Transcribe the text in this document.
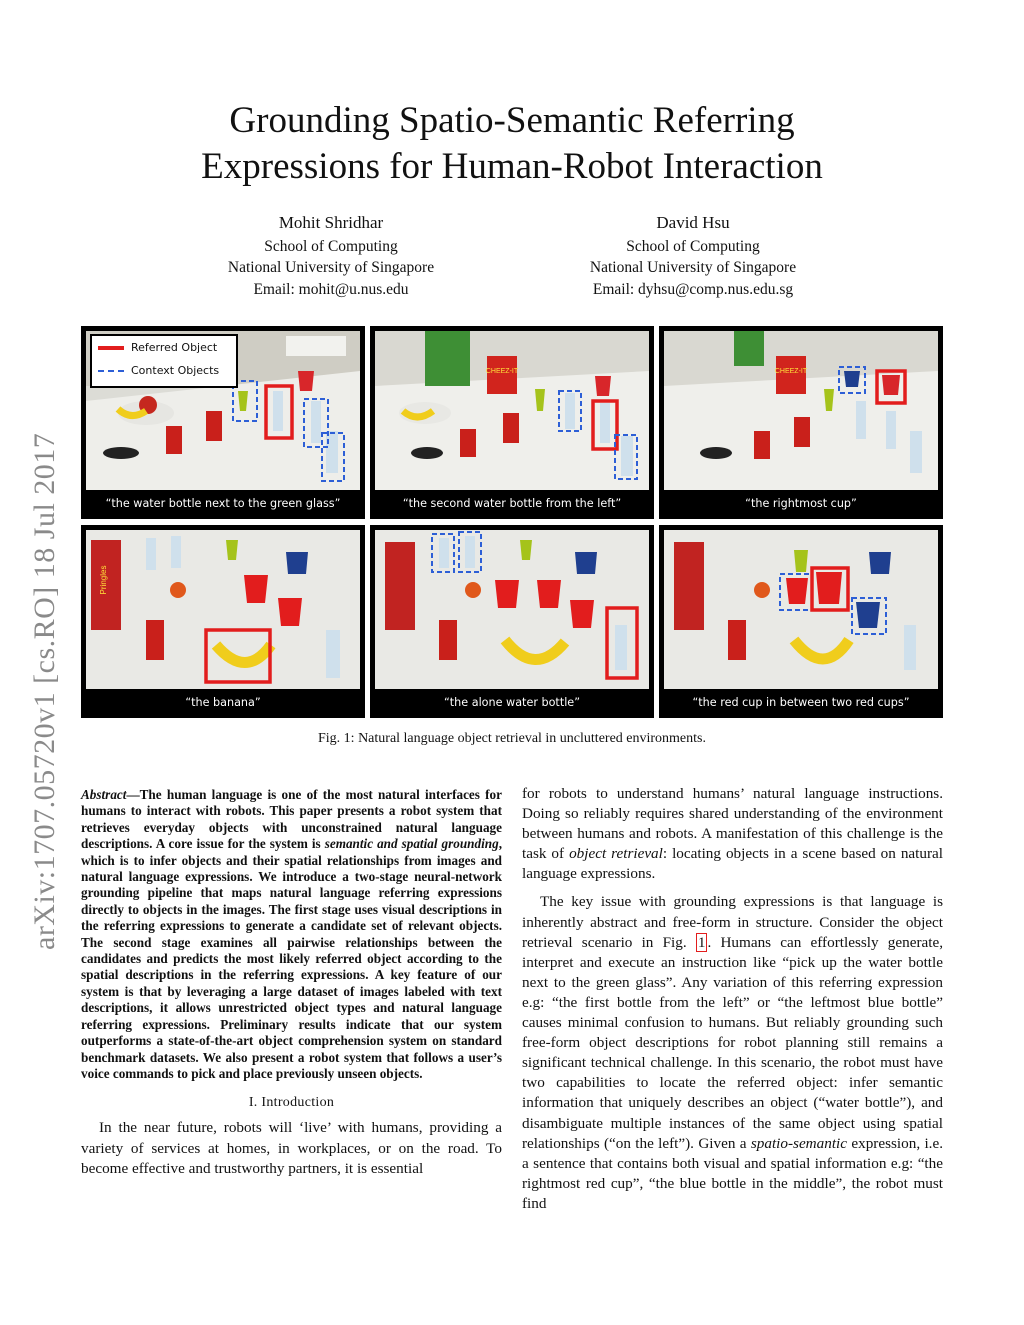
arXiv:1707.05720v1 [cs.RO] 18 Jul 2017
Grounding Spatio-Semantic Referring
Expressions for Human-Robot Interaction
Mohit Shridhar
School of Computing
National University of Singapore
Email: mohit@u.nus.edu
David Hsu
School of Computing
National University of Singapore
Email: dyhsu@comp.nus.edu.sg
Referred Object
Context Objects
“the water bottle next to the green glass”
CHEEZ-IT
“the second water bottle from the left”
CHEEZ-IT
“the rightmost cup”
Pringles
“the banana”	“the alone water bottle”	“the red cup in between two red cups”
Fig. 1: Natural language object retrieval in uncluttered environments.

Abstract—The human language is one of the most natural interfaces for humans to interact with robots. This paper presents a robot system that retrieves everyday objects with unconstrained natural language descriptions. A core issue for the system is semantic and spatial grounding, which is to infer objects and their spatial relationships from images and natural language expressions. We introduce a two-stage neural-network grounding pipeline that maps natural language referring expressions directly to objects in the images. The first stage uses visual descriptions in the referring expressions to generate a candidate set of relevant objects. The second stage examines all pairwise relationships between the candidates and predicts the most likely referred object according to the spatial descriptions in the referring expressions. A key feature of our system is that by leveraging a large dataset of images labeled with text descriptions, it allows unrestricted object types and natural language referring expressions. Preliminary results indicate that our system outperforms a state-of-the-art object comprehension system on standard benchmark datasets. We also present a robot system that follows a user’s voice commands to pick and place previously unseen objects.

I. Introduction

In the near future, robots will ‘live’ with humans, providing a variety of services at homes, in workplaces, or on the road. To become effective and trustworthy partners, it is essential

for robots to understand humans’ natural language instructions. Doing so reliably requires shared understanding of the environment between humans and robots. A manifestation of this challenge is the task of object retrieval: locating objects in a scene based on natural language expressions.

The key issue with grounding expressions is that language is inherently abstract and free-form in structure. Consider the object retrieval scenario in Fig. 1 . Humans can effortlessly generate, interpret and execute an instruction like “pick up the water bottle next to the green glass”. Any variation of this referring expression e.g: “the first bottle from the left” or “the leftmost blue bottle” causes minimal confusion to humans. But reliably grounding such free-form object descriptions for robot planning still remains a significant technical challenge. In this scenario, the robot must have two capabilities to locate the referred object: infer semantic information that uniquely describes an object (“water bottle”), and disambiguate multiple instances of the same object using spatial relationships (“on the left”). Given a spatio-semantic expression, i.e. a sentence that contains both visual and spatial information e.g: “the rightmost red cup”, “the blue bottle in the middle”, the robot must find
